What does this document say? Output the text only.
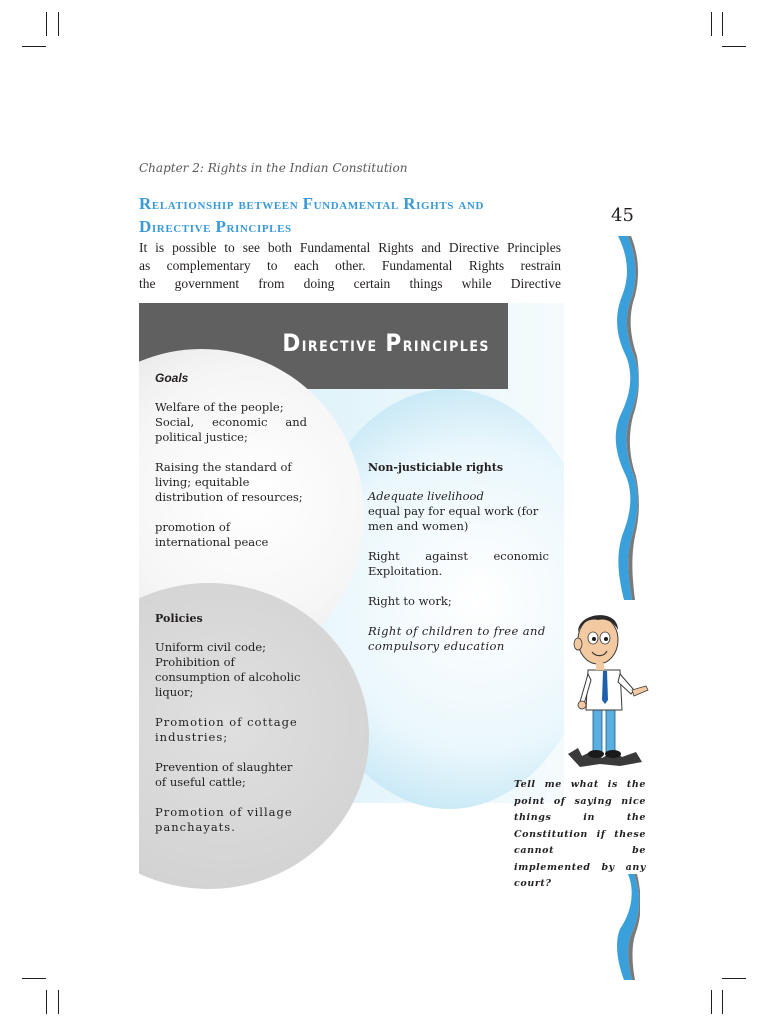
Chapter 2: Rights in the Indian Constitution
45
Relationship between Fundamental Rights and
Directive Principles

It is possible to see both Fundamental Rights and Directive Principles

as complementary to each other. Fundamental Rights restrain

the government from doing certain things while Directive

Directive Principles
Goals
Welfare of the people;
Social, economic and political justice;
Raising the standard of living; equitable distribution of resources;
promotion of international peace
Non-justiciable rights
Adequate livelihood
equal pay for equal work (for men and women)
Right against economic Exploitation.
Right to work;
Right of children to free and compulsory education
Policies
Uniform civil code; Prohibition of consumption of alcoholic liquor;
Promotion of cottage industries;
Prevention of slaughter of useful cattle;
Promotion of village panchayats.
Tell me what is the point of saying nice things in the Constitution if these cannot be implemented by any court?
